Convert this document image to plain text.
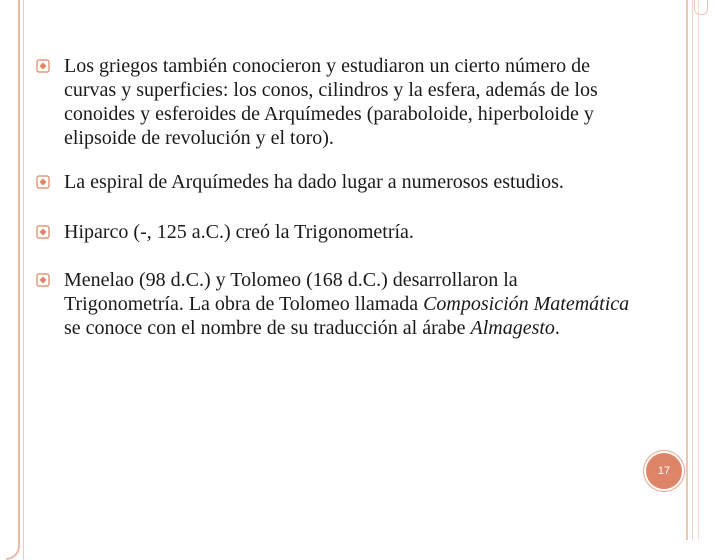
Los griegos también conocieron y estudiaron un cierto número de curvas y superficies: los conos, cilindros y la esfera, además de los conoides y esferoides de Arquímedes (paraboloide, hiperboloide y elipsoide de revolución y el toro).
La espiral de Arquímedes ha dado lugar a numerosos estudios.
Hiparco (-, 125 a.C.) creó la Trigonometría.
Menelao (98 d.C.) y Tolomeo (168 d.C.) desarrollaron la Trigonometría. La obra de Tolomeo llamada Composición Matemática se conoce con el nombre de su traducción al árabe Almagesto.
17
